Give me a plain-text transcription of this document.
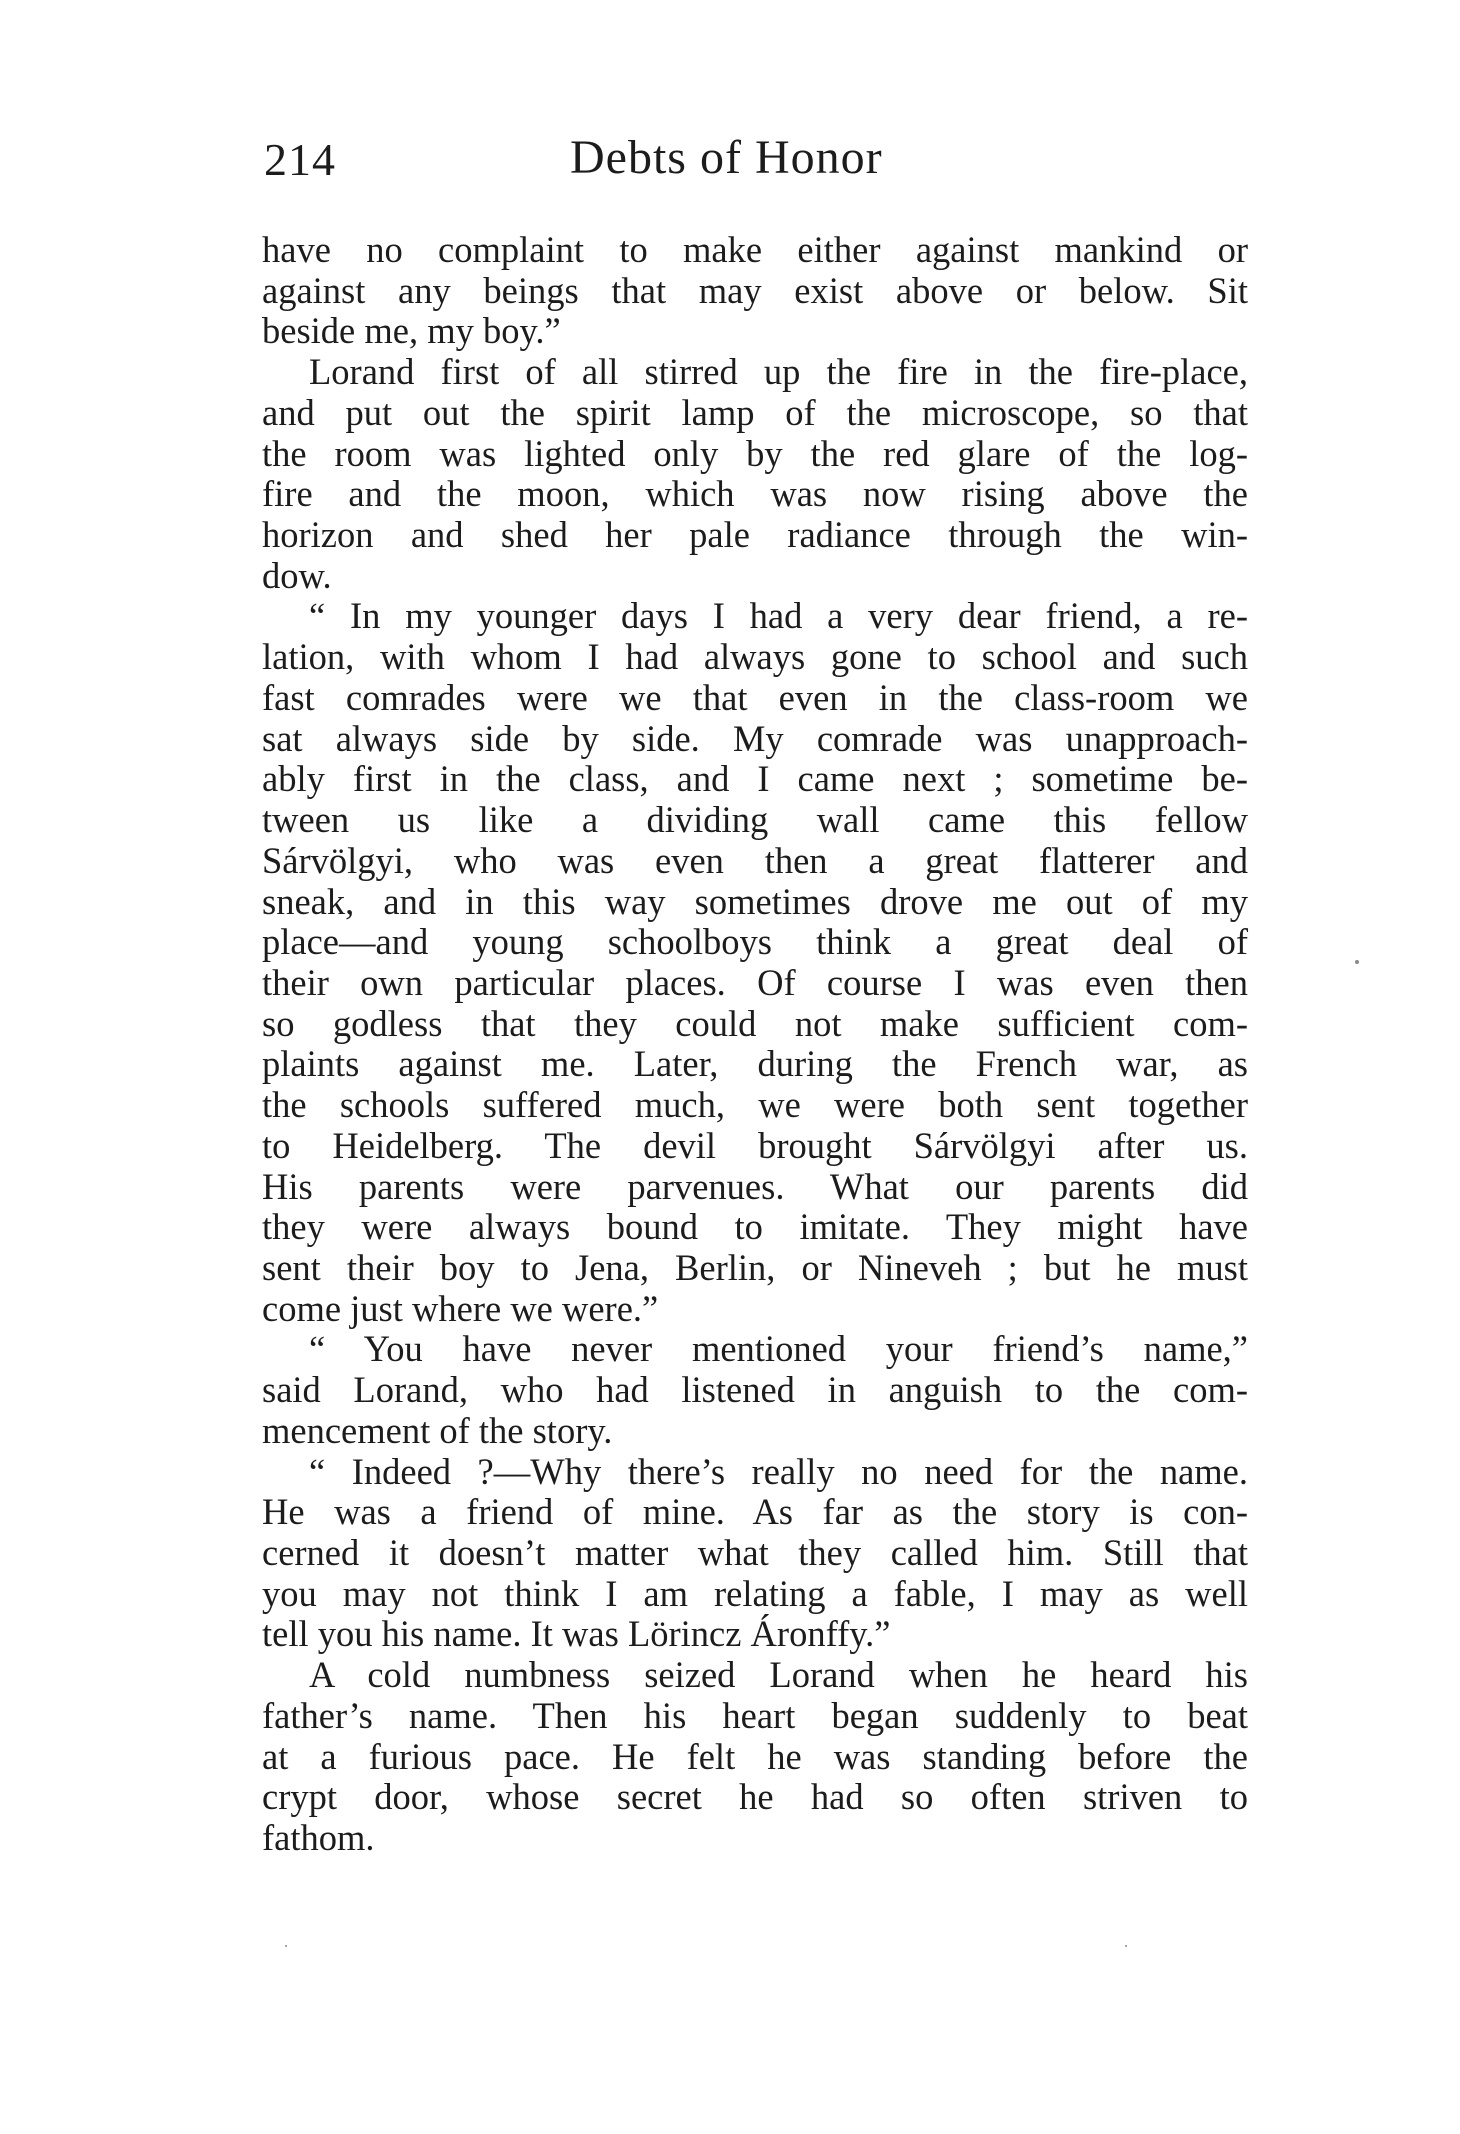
214	Debts of Honor
have no complaint to make either against mankind or
against any beings that may exist above or below. Sit
beside me, my boy.”
Lorand first of all stirred up the fire in the fire-place,
and put out the spirit lamp of the microscope, so that
the room was lighted only by the red glare of the log-
fire and the moon, which was now rising above the
horizon and shed her pale radiance through the win-
dow.
“ In my younger days I had a very dear friend, a re-
lation, with whom I had always gone to school and such
fast comrades were we that even in the class-room we
sat always side by side. My comrade was unapproach-
ably first in the class, and I came next ; sometime be-
tween us like a dividing wall came this fellow
Sárvölgyi, who was even then a great flatterer and
sneak, and in this way sometimes drove me out of my
place—and young schoolboys think a great deal of
their own particular places. Of course I was even then
so godless that they could not make sufficient com-
plaints against me. Later, during the French war, as
the schools suffered much, we were both sent together
to Heidelberg. The devil brought Sárvölgyi after us.
His parents were parvenues. What our parents did
they were always bound to imitate. They might have
sent their boy to Jena, Berlin, or Nineveh ; but he must
come just where we were.”
“ You have never mentioned your friend’s name,”
said Lorand, who had listened in anguish to the com-
mencement of the story.
“ Indeed ?—Why there’s really no need for the name.
He was a friend of mine. As far as the story is con-
cerned it doesn’t matter what they called him. Still that
you may not think I am relating a fable, I may as well
tell you his name. It was Lörincz Áronffy.”
A cold numbness seized Lorand when he heard his
father’s name. Then his heart began suddenly to beat
at a furious pace. He felt he was standing before the
crypt door, whose secret he had so often striven to
fathom.
